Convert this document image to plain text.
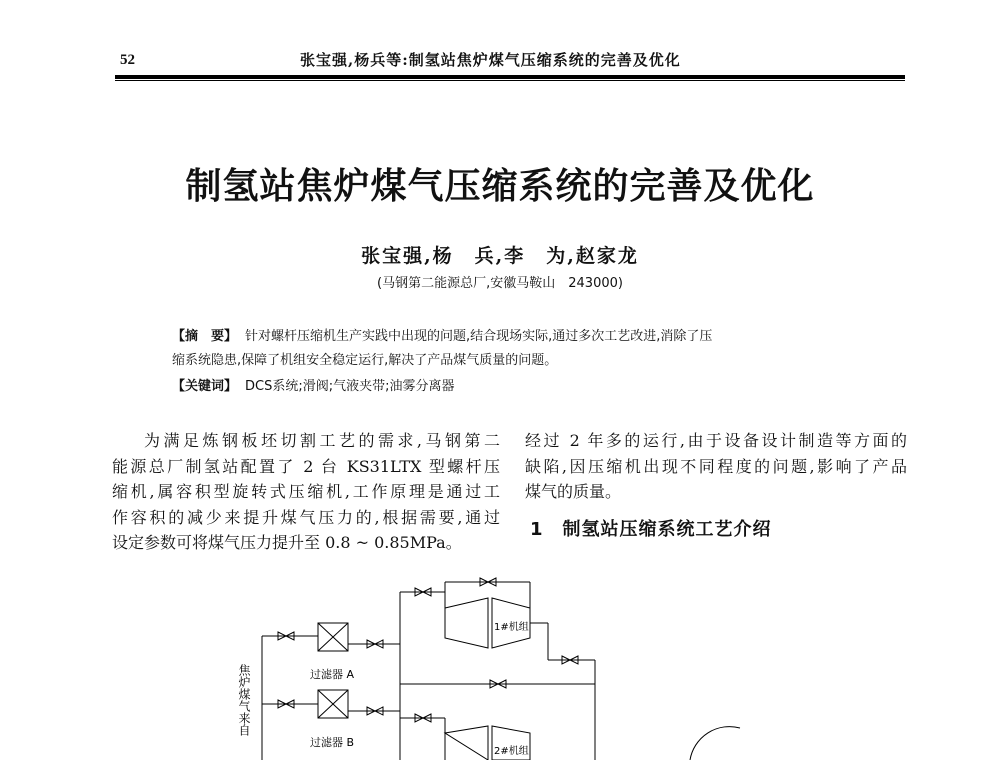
52	张宝强,杨兵等:制氢站焦炉煤气压缩系统的完善及优化
制氢站焦炉煤气压缩系统的完善及优化
张宝强,杨　兵,李　为,赵家龙
(马钢第二能源总厂,安徽马鞍山　243000)
【摘　要】 针对螺杆压缩机生产实践中出现的问题,结合现场实际,通过多次工艺改进,消除了压
缩系统隐患,保障了机组安全稳定运行,解决了产品煤气质量的问题。
【关键词】 DCS系统;滑阀;气液夹带;油雾分离器
为满足炼钢板坯切割工艺的需求,马钢第二
能源总厂制氢站配置了 2 台 KS31LTX 型螺杆压
缩机,属容积型旋转式压缩机,工作原理是通过工
作容积的减少来提升煤气压力的,根据需要,通过
设定参数可将煤气压力提升至 0.8 ~ 0.85MPa。
经过 2 年多的运行,由于设备设计制造等方面的
缺陷,因压缩机出现不同程度的问题,影响了产品
煤气的质量。
1　制氢站压缩系统工艺介绍
过滤器 A
过滤器 B
1#机组
2#机组
焦炉煤气来自
